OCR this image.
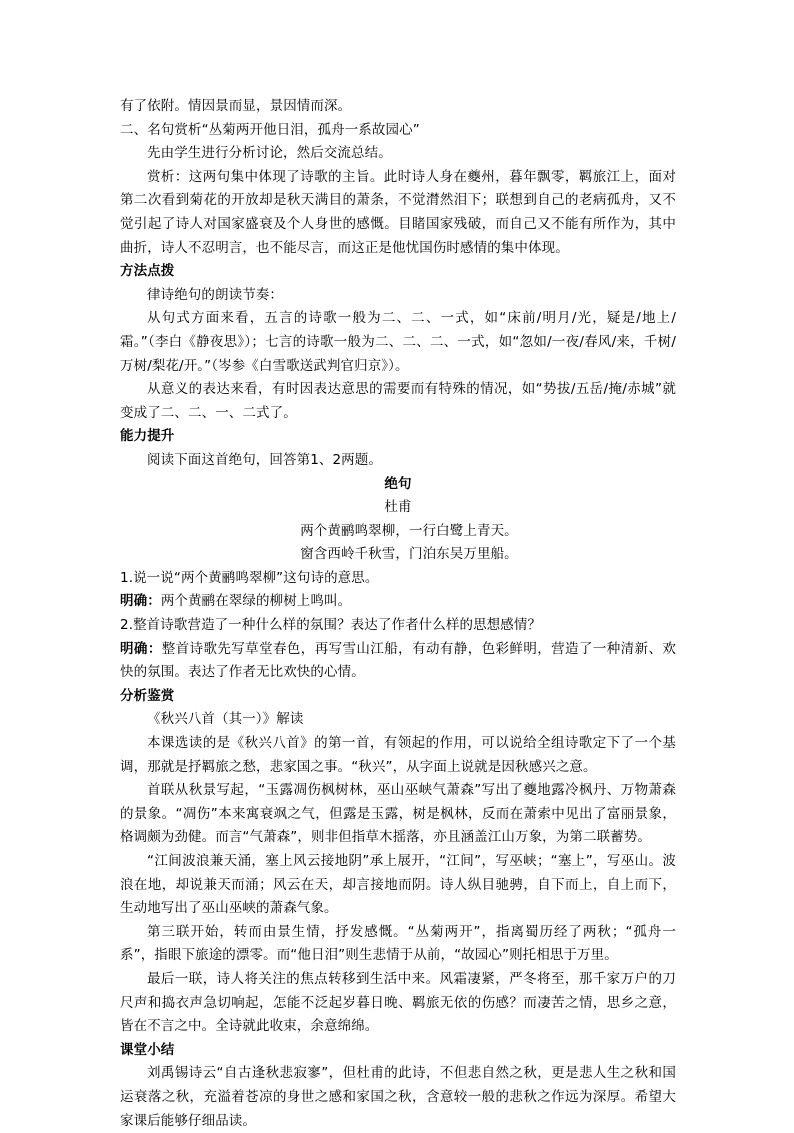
有了依附。情因景而显，景因情而深。

二、名句赏析“丛菊两开他日泪，孤舟一系故园心”

先由学生进行分析讨论，然后交流总结。

赏析：这两句集中体现了诗歌的主旨。此时诗人身在夔州，暮年飘零，羁旅江上，面对第二次看到菊花的开放却是秋天满目的萧条，不觉潸然泪下；联想到自己的老病孤舟，又不觉引起了诗人对国家盛衰及个人身世的感慨。目睹国家残破，而自己又不能有所作为，其中曲折，诗人不忍明言，也不能尽言，而这正是他忧国伤时感情的集中体现。

方法点拨

律诗绝句的朗读节奏：

从句式方面来看，五言的诗歌一般为二、二、一式，如“床前/明月/光，疑是/地上/霜。”（李白《静夜思》）；七言的诗歌一般为二、二、二、一式，如“忽如/一夜/春风/来，千树/万树/梨花/开。”（岑参《白雪歌送武判官归京》）。

从意义的表达来看，有时因表达意思的需要而有特殊的情况，如“势拔/五岳/掩/赤城”就变成了二、二、一、二式了。

能力提升

阅读下面这首绝句，回答第1、2两题。

绝句

杜甫

两个黄鹂鸣翠柳，一行白鹭上青天。

窗含西岭千秋雪，门泊东吴万里船。

1.说一说“两个黄鹂鸣翠柳”这句诗的意思。

明确：两个黄鹂在翠绿的柳树上鸣叫。

2.整首诗歌营造了一种什么样的氛围？表达了作者什么样的思想感情？

明确：整首诗歌先写草堂春色，再写雪山江船，有动有静，色彩鲜明，营造了一种清新、欢快的氛围。表达了作者无比欢快的心情。

分析鉴赏

《秋兴八首（其一）》解读

本课选读的是《秋兴八首》的第一首，有领起的作用，可以说给全组诗歌定下了一个基调，那就是抒羁旅之愁，悲家国之事。“秋兴”，从字面上说就是因秋感兴之意。

首联从秋景写起，“玉露凋伤枫树林，巫山巫峡气萧森”写出了夔地露冷枫丹、万物萧森的景象。“凋伤”本来寓衰飒之气，但露是玉露，树是枫林，反而在萧索中见出了富丽景象，格调颇为劲健。而言“气萧森”，则非但指草木摇落，亦且涵盖江山万象，为第二联蓄势。

“江间波浪兼天涌，塞上风云接地阴”承上展开，“江间”，写巫峡；“塞上”，写巫山。波浪在地，却说兼天而涌；风云在天，却言接地而阴。诗人纵目驰骋，自下而上，自上而下，生动地写出了巫山巫峡的萧森气象。

第三联开始，转而由景生情，抒发感慨。“丛菊两开”，指离蜀历经了两秋；“孤舟一系”，指眼下旅途的漂零。而“他日泪”则生悲情于从前，“故园心”则托相思于万里。

最后一联，诗人将关注的焦点转移到生活中来。风霜凄紧，严冬将至，那千家万户的刀尺声和捣衣声急切响起，怎能不泛起岁暮日晚、羁旅无依的伤感？而凄苦之情，思乡之意，皆在不言之中。全诗就此收束，余意绵绵。

课堂小结

刘禹锡诗云“自古逢秋悲寂寥”，但杜甫的此诗，不但悲自然之秋，更是悲人生之秋和国运衰落之秋，充溢着苍凉的身世之感和家国之秋，含意较一般的悲秋之作远为深厚。希望大家课后能够仔细品读。
